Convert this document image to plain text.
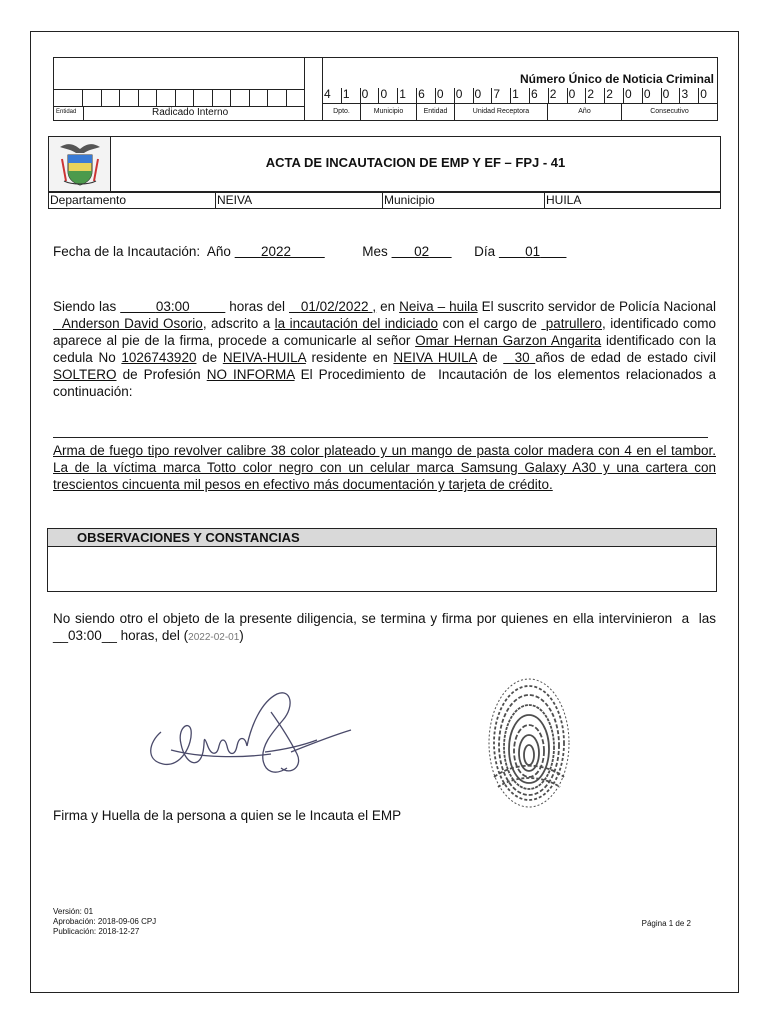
Entidad	Radicado Interno
Número Único de Noticia Criminal
4	1	0	0	1	6	0	0	0	7	1	6	2	0	2	2	0	0	0	3	0
Dpto.	Municipio	Entidad	Unidad Receptora	Año	Consecutivo
ACTA DE INCAUTACION DE EMP Y EF – FPJ - 41
Departamento	NEIVA	Municipio	HUILA
Fecha de la Incautación: Año 2022	Mes 02	Día 01
Siendo las	03:00	horas del    01/02/2022 , en Neiva – huila El suscrito servidor de Policía Nacional   Anderson David Osorio, adscrito a la incautación del indiciado con el cargo de  patrullero, identificado como aparece al pie de la firma, procede a comunicarle al señor Omar Hernan Garzon Angarita identificado con la cedula No 1026743920 de NEIVA-HUILA residente en NEIVA HUILA de   30 años de edad de estado civil SOLTERO de Profesión NO INFORMA El Procedimiento de  Incautación de los elementos relacionados a continuación:
Arma de fuego tipo revolver calibre 38 color plateado y un mango de pasta color madera con 4 en el tambor. La de la víctima marca Totto color negro con un celular marca Samsung Galaxy A30 y una cartera con trescientos cincuenta mil pesos en efectivo más documentación y tarjeta de crédito.
OBSERVACIONES Y CONSTANCIAS
No siendo otro el objeto de la presente diligencia, se termina y firma por quienes en ella intervinieron  a  las __03:00__ horas, del (2022-02-01)
Firma y Huella de la persona a quien se le Incauta el EMP
Versión: 01
Aprobación: 2018-09-06 CPJ
Publicación: 2018-12-27
Página 1 de 2
